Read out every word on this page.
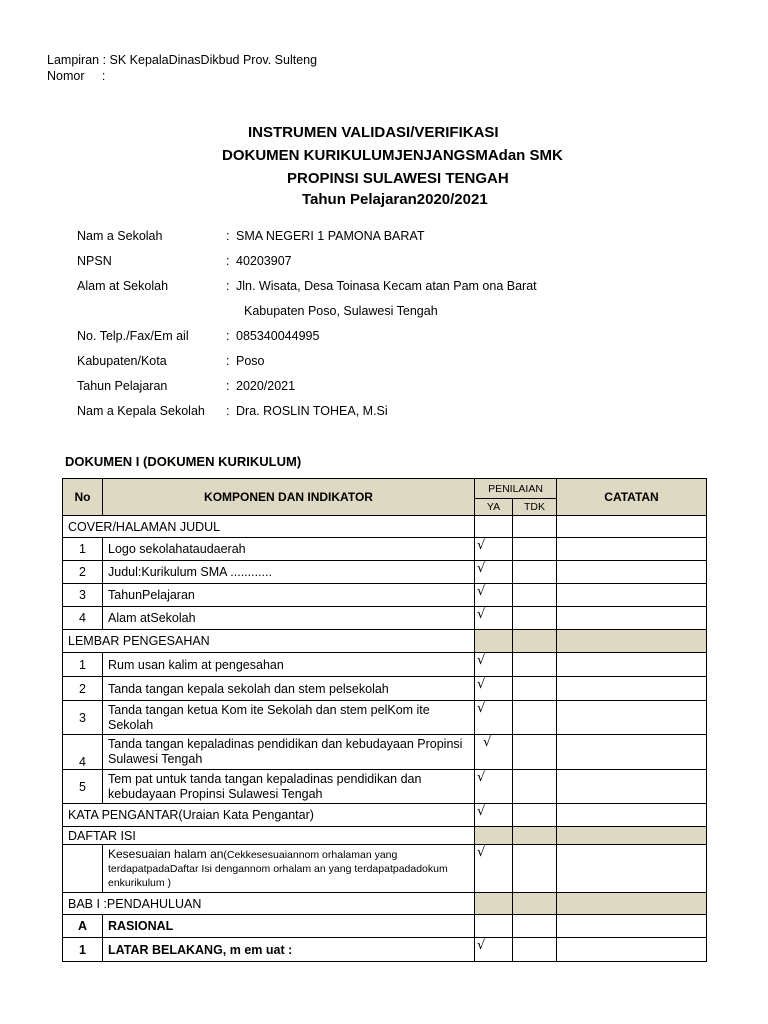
Lampiran : SK KepalaDinasDikbud Prov. Sulteng
Nomor     :
INSTRUMEN VALIDASI/VERIFIKASI
DOKUMEN KURIKULUMJENJANGSMAdan SMK
PROPINSI SULAWESI TENGAH
Tahun Pelajaran2020/2021
Nam a Sekolah	: SMA NEGERI 1 PAMONA BARAT
NPSN	: 40203907
Alam at Sekolah	: Jln. Wisata, Desa Toinasa Kecam atan Pam ona Barat
Kabupaten Poso, Sulawesi Tengah
No. Telp./Fax/Em ail	: 085340044995
Kabupaten/Kota	: Poso
Tahun Pelajaran	: 2020/2021
Nam a Kepala Sekolah : Dra. ROSLIN TOHEA, M.Si
DOKUMEN I (DOKUMEN KURIKULUM)
No	KOMPONEN DAN INDIKATOR	PENILAIAN		CATATAN
		YA	TDK	
COVER/HALAMAN JUDUL				
1	Logo sekolahataudaerah	√		
2	Judul:Kurikulum SMA ............	√		
3	TahunPelajaran	√		
4	Alam atSekolah	√		
LEMBAR PENGESAHAN				
1	Rum usan kalim at pengesahan	√		
2	Tanda tangan kepala sekolah dan stem pelsekolah	√		
3	Tanda tangan ketua Kom ite Sekolah dan stem pelKom ite Sekolah	√		
4	Tanda tangan kepaladinas pendidikan dan kebudayaan Propinsi Sulawesi Tengah	√		
5	Tem pat untuk tanda tangan kepaladinas pendidikan dan kebudayaan Propinsi Sulawesi Tengah	√		
KATA PENGANTAR(Uraian Kata Pengantar)		√		
DAFTAR ISI				
	Kesesuaian halam an(Cekkesesuaiannom orhalaman yang terdapatpadaDaftar Isi dengannom orhalam an yang terdapatpadadokum enkurikulum )	√		
BAB I :PENDAHULUAN				
A	RASIONAL			
1	LATAR BELAKANG, m em uat :	√		
